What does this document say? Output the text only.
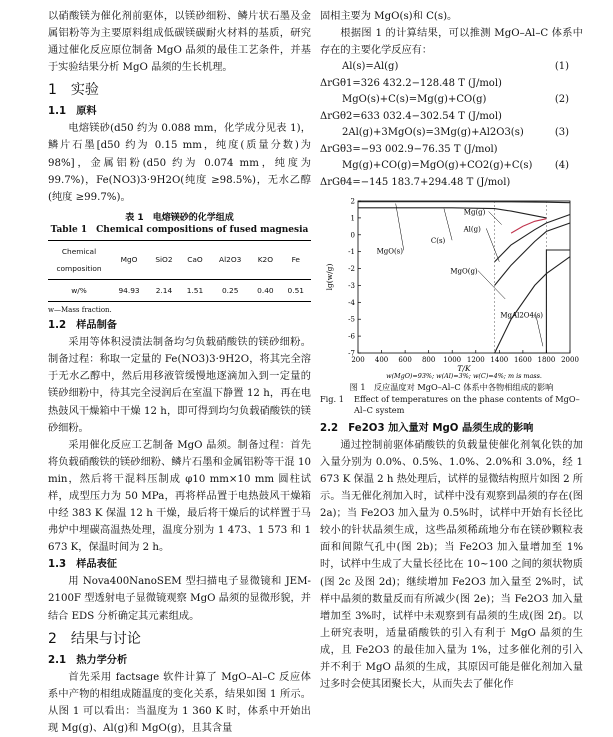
以硝酸镁为催化剂前驱体，以镁砂细粉、鳞片状石墨及金属铝粉等为主要原料组成低碳镁碳耐火材料的基质，研究通过催化反应原位制备 MgO 晶须的最佳工艺条件，并基于实验结果分析 MgO 晶须的生长机理。

1　实验
1.1　原料

电熔镁砂(d50 约为 0.088 mm，化学成分见表 1)，鳞片石墨[d50 约为 0.15 mm，纯度(质量分数)为 98%]，金属铝粉(d50 约为 0.074 mm，纯度为 99.7%)，Fe(NO3)3·9H2O(纯度 ≥98.5%)，无水乙醇(纯度 ≥99.7%)。

表 1　电熔镁砂的化学组成
Table 1　Chemical compositions of fused magnesia
Chemical composition	MgO	SiO2	CaO	Al2O3	K2O	Fe
w/%	94.93	2.14	1.51	0.25	0.40	0.51
w—Mass fraction.
1.2　样品制备

采用等体积浸渍法制备均匀负载硝酸铁的镁砂细粉。制备过程：称取一定量的 Fe(NO3)3·9H2O，将其完全溶于无水乙醇中，然后用移液管缓慢地逐滴加入到一定量的镁砂细粉中，待其完全浸润后在室温下静置 12 h，再在电热鼓风干燥箱中干燥 12 h，即可得到均匀负载硝酸铁的镁砂细粉。

采用催化反应工艺制备 MgO 晶须。制备过程：首先将负载硝酸铁的镁砂细粉、鳞片石墨和金属铝粉等干混 10 min，然后将干混料压制成 φ10 mm×10 mm 圆柱试样，成型压力为 50 MPa，再将样品置于电热鼓风干燥箱中经 383 K 保温 12 h 干燥，最后将干燥后的试样置于马弗炉中埋碳高温热处理，温度分别为 1 473、1 573 和 1 673 K，保温时间为 2 h。

1.3　样品表征

用 Nova400NanoSEM 型扫描电子显微镜和 JEM-2100F 型透射电子显微镜观察 MgO 晶须的显微形貌，并结合 EDS 分析确定其元素组成。

2　结果与讨论
2.1　热力学分析

首先采用 factsage 软件计算了 MgO–Al–C 反应体系中产物的相组成随温度的变化关系，结果如图 1 所示。从图 1 可以看出：当温度为 1 360 K 时，体系中开始出现 Mg(g)、Al(g)和 MgO(g)，且其含量

固相主要为 MgO(s)和 C(s)。

根据图 1 的计算结果，可以推测 MgO–Al–C 体系中存在的主要化学反应有：

Al(s)=Al(g)	(1)
ΔrGθ1=326 432.2−128.48 T (J/mol)
MgO(s)+C(s)=Mg(g)+CO(g)	(2)
ΔrGθ2=633 032.4−302.54 T (J/mol)
2Al(g)+3MgO(s)=3Mg(g)+Al2O3(s)	(3)
ΔrGθ3=−93 002.9−76.35 T (J/mol)
Mg(g)+CO(g)=MgO(g)+CO2(g)+C(s) (4)
ΔrGθ4=−145 183.7+294.48 T (J/mol)
200 400 600 800 1000 1200 1400 1600 1800 2000
-7
-6
-5
-4
-3
-2
-1
0
1
2
T/K
lg(w/g)
w(MgO)=93%; w(Al)=3%; w(C)=4%; m is mass.
MgO(s)
C(s)
Mg(g)
Al(g)
MgO(g)
MgAl2O4(s)
图 1　反应温度对 MgO–Al–C 体系中各物相组成的影响
Fig. 1	Effect of temperatures on the phase contents of MgO–Al–C system
2.2　Fe2O3 加入量对 MgO 晶须生成的影响

通过控制前驱体硝酸铁的负载量使催化剂氧化铁的加入量分别为 0.0%、0.5%、1.0%、2.0%和 3.0%，经 1 673 K 保温 2 h 热处理后，试样的显微结构照片如图 2 所示。当无催化剂加入时，试样中没有观察到晶须的存在(图 2a)；当 Fe2O3 加入量为 0.5%时，试样中开始有长径比较小的针状晶须生成，这些晶须稀疏地分布在镁砂颗粒表面和间隙气孔中(图 2b)；当 Fe2O3 加入量增加至 1%时，试样中生成了大量长径比在 10~100 之间的须状物质(图 2c 及图 2d)；继续增加 Fe2O3 加入量至 2%时，试样中晶须的数量反而有所减少(图 2e)；当 Fe2O3 加入量增加至 3%时，试样中未观察到有晶须的生成(图 2f)。以上研究表明，适量硝酸铁的引入有利于 MgO 晶须的生成，且 Fe2O3 的最佳加入量为 1%，过多催化剂的引入并不利于 MgO 晶须的生成，其原因可能是催化剂加入量过多时会使其团聚长大，从而失去了催化作
